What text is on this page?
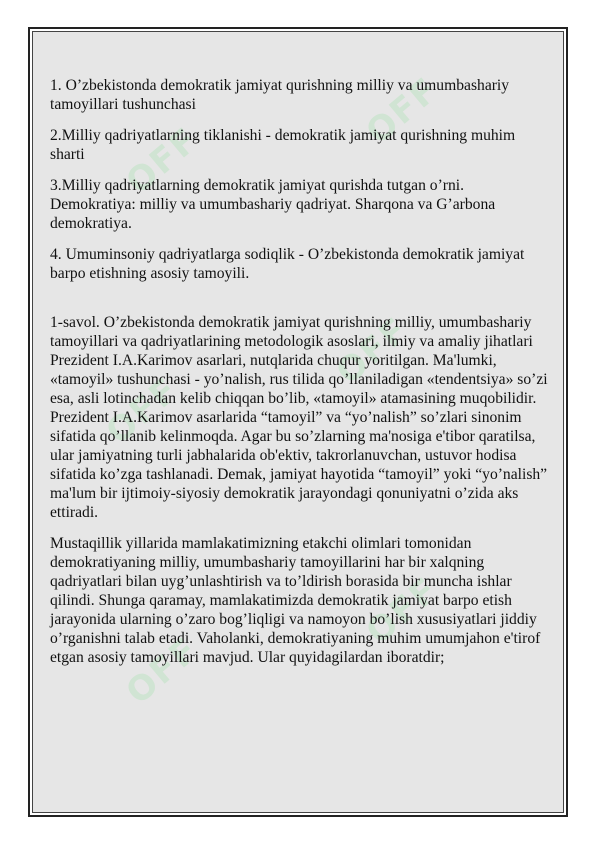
OFF
OFF
OFF
OFF
OFF
OFF

1. O’zbekistonda demokratik jamiyat qurishning milliy va umumbashariy tamoyillari tushunchasi

2.Milliy qadriyatlarning tiklanishi - demokratik jamiyat qurishning muhim sharti

3.Milliy qadriyatlarning demokratik jamiyat qurishda tutgan o’rni. Demokratiya: milliy va umumbashariy qadriyat. Sharqona va G’arbona demokratiya.

4. Umuminsoniy qadriyatlarga sodiqlik - O’zbekistonda demokratik jamiyat barpo etishning asosiy tamoyili.

1-savol. O’zbekistonda demokratik jamiyat qurishning milliy, umumbashariy tamoyillari va qadriyatlarining metodologik asoslari, ilmiy va amaliy jihatlari Prezident I.A.Karimov asarlari, nutqlarida chuqur yoritilgan. Ma'lumki, «tamoyil» tushunchasi - yo’nalish, rus tilida qo’llaniladigan «tendentsiya» so’zi esa, asli lotinchadan kelib chiqqan bo’lib, «tamoyil» atamasining muqobilidir. Prezident I.A.Karimov asarlarida “tamoyil” va “yo’nalish” so’zlari sinonim sifatida qo’llanib kelinmoqda. Agar bu so’zlarning ma'nosiga e'tibor qaratilsa, ular jamiyatning turli jabhalarida ob'ektiv, takrorlanuvchan, ustuvor hodisa sifatida ko’zga tashlanadi. Demak, jamiyat hayotida “tamoyil” yoki “yo’nalish” ma'lum bir ijtimoiy-siyosiy demokratik jarayondagi qonuniyatni o’zida aks ettiradi.

Mustaqillik yillarida mamlakatimizning etakchi olimlari tomonidan demokratiyaning milliy, umumbashariy tamoyillarini har bir xalqning qadriyatlari bilan uyg’unlashtirish va to’ldirish borasida bir muncha ishlar qilindi. Shunga qaramay, mamlakatimizda demokratik jamiyat barpo etish jarayonida ularning o’zaro bog’liqligi va namoyon bo’lish xususiyatlari jiddiy o’rganishni talab etadi. Vaholanki, demokratiyaning muhim umumjahon e'tirof etgan asosiy tamoyillari mavjud. Ular quyidagilardan iboratdir;
